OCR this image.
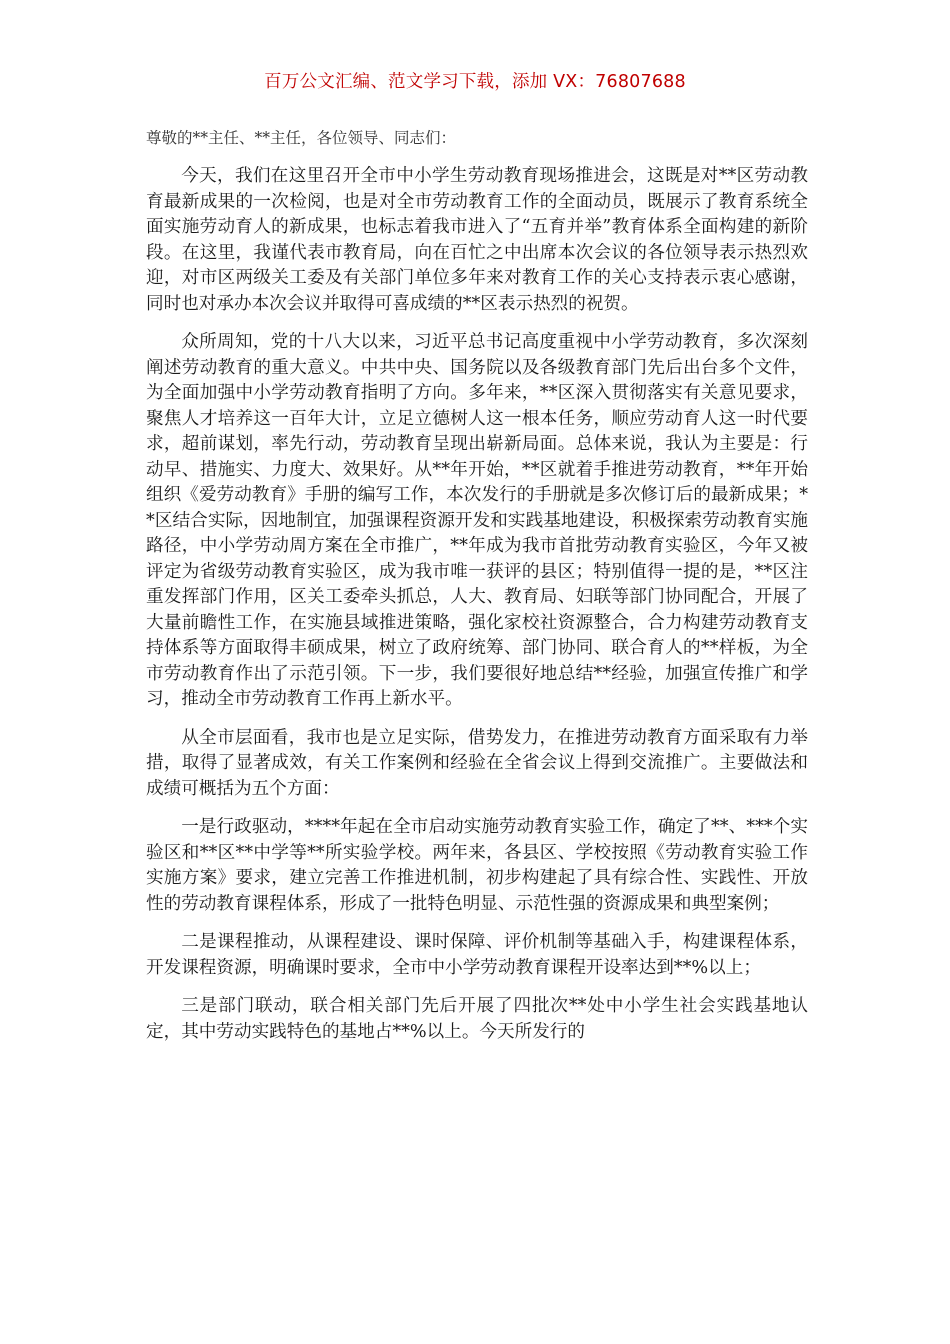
百万公文汇编、范文学习下载，添加 VX：76807688

尊敬的**主任、**主任，各位领导、同志们：

今天，我们在这里召开全市中小学生劳动教育现场推进会，这既是对**区劳动教育最新成果的一次检阅，也是对全市劳动教育工作的全面动员，既展示了教育系统全面实施劳动育人的新成果，也标志着我市进入了“五育并举”教育体系全面构建的新阶段。在这里，我谨代表市教育局，向在百忙之中出席本次会议的各位领导表示热烈欢迎，对市区两级关工委及有关部门单位多年来对教育工作的关心支持表示衷心感谢，同时也对承办本次会议并取得可喜成绩的**区表示热烈的祝贺。

众所周知，党的十八大以来，习近平总书记高度重视中小学劳动教育，多次深刻阐述劳动教育的重大意义。中共中央、国务院以及各级教育部门先后出台多个文件，为全面加强中小学劳动教育指明了方向。多年来，**区深入贯彻落实有关意见要求，聚焦人才培养这一百年大计，立足立德树人这一根本任务，顺应劳动育人这一时代要求，超前谋划，率先行动，劳动教育呈现出崭新局面。总体来说，我认为主要是：行动早、措施实、力度大、效果好。从**年开始，**区就着手推进劳动教育，**年开始组织《爱劳动教育》手册的编写工作，本次发行的手册就是多次修订后的最新成果；**区结合实际，因地制宜，加强课程资源开发和实践基地建设，积极探索劳动教育实施路径，中小学劳动周方案在全市推广，**年成为我市首批劳动教育实验区，今年又被评定为省级劳动教育实验区，成为我市唯一获评的县区；特别值得一提的是，**区注重发挥部门作用，区关工委牵头抓总，人大、教育局、妇联等部门协同配合，开展了大量前瞻性工作，在实施县域推进策略，强化家校社资源整合，合力构建劳动教育支持体系等方面取得丰硕成果，树立了政府统筹、部门协同、联合育人的**样板，为全市劳动教育作出了示范引领。下一步，我们要很好地总结**经验，加强宣传推广和学习，推动全市劳动教育工作再上新水平。

从全市层面看，我市也是立足实际，借势发力，在推进劳动教育方面采取有力举措，取得了显著成效，有关工作案例和经验在全省会议上得到交流推广。主要做法和成绩可概括为五个方面：

一是行政驱动，****年起在全市启动实施劳动教育实验工作，确定了**、***个实验区和**区**中学等**所实验学校。两年来，各县区、学校按照《劳动教育实验工作实施方案》要求，建立完善工作推进机制，初步构建起了具有综合性、实践性、开放性的劳动教育课程体系，形成了一批特色明显、示范性强的资源成果和典型案例；

二是课程推动，从课程建设、课时保障、评价机制等基础入手，构建课程体系，开发课程资源，明确课时要求，全市中小学劳动教育课程开设率达到**%以上；

三是部门联动，联合相关部门先后开展了四批次**处中小学生社会实践基地认定，其中劳动实践特色的基地占**%以上。今天所发行的
